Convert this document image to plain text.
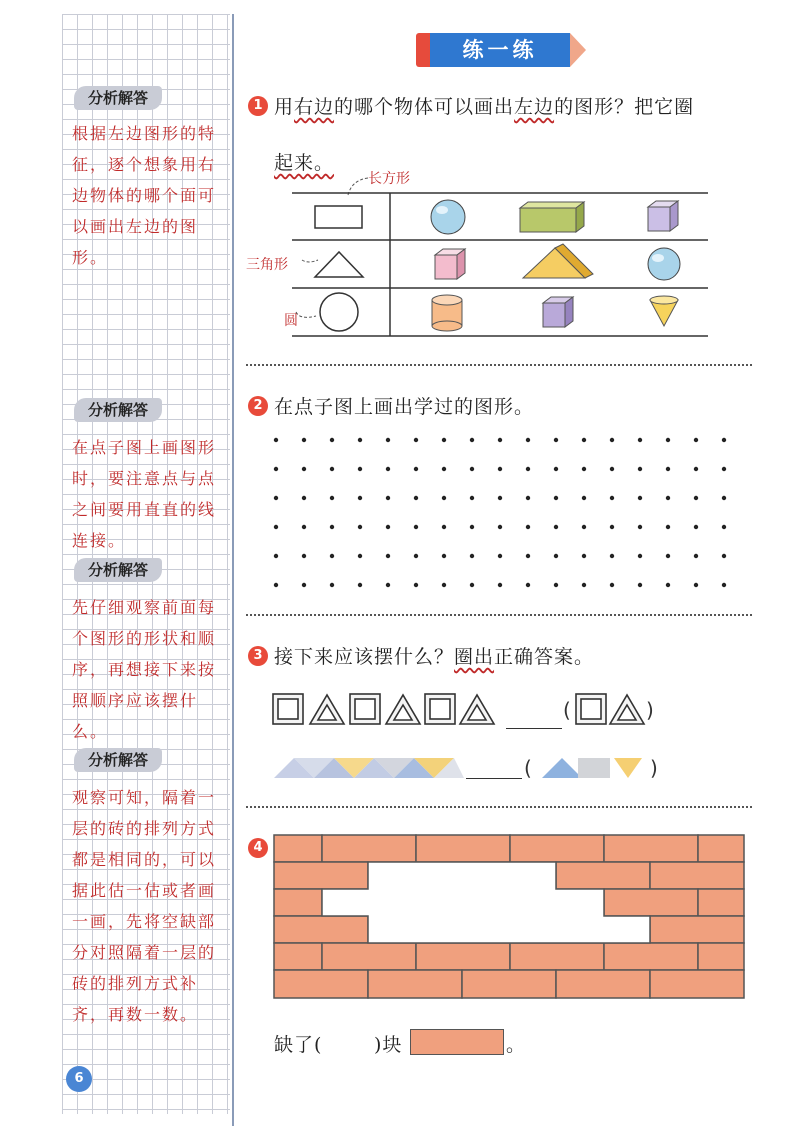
分析解答
根据左边图形的特征，逐个想象用右边物体的哪个面可以画出左边的图形。
分析解答
在点子图上画图形时，要注意点与点之间要用直直的线连接。
分析解答
先仔细观察前面每个图形的形状和顺序，再想接下来按照顺序应该摆什么。
分析解答
观察可知，隔着一层的砖的排列方式都是相同的，可以据此估一估或者画一画，先将空缺部分对照隔着一层的砖的排列方式补齐，再数一数。
6
练一练
1 用右边的哪个物体可以画出左边的图形？把它圈
起来。
长方形
三角形
圆
2 在点子图上画出学过的图形。
3 接下来应该摆什么？圈出正确答案。
(	)
(	)
4
缺了(	)块	。
